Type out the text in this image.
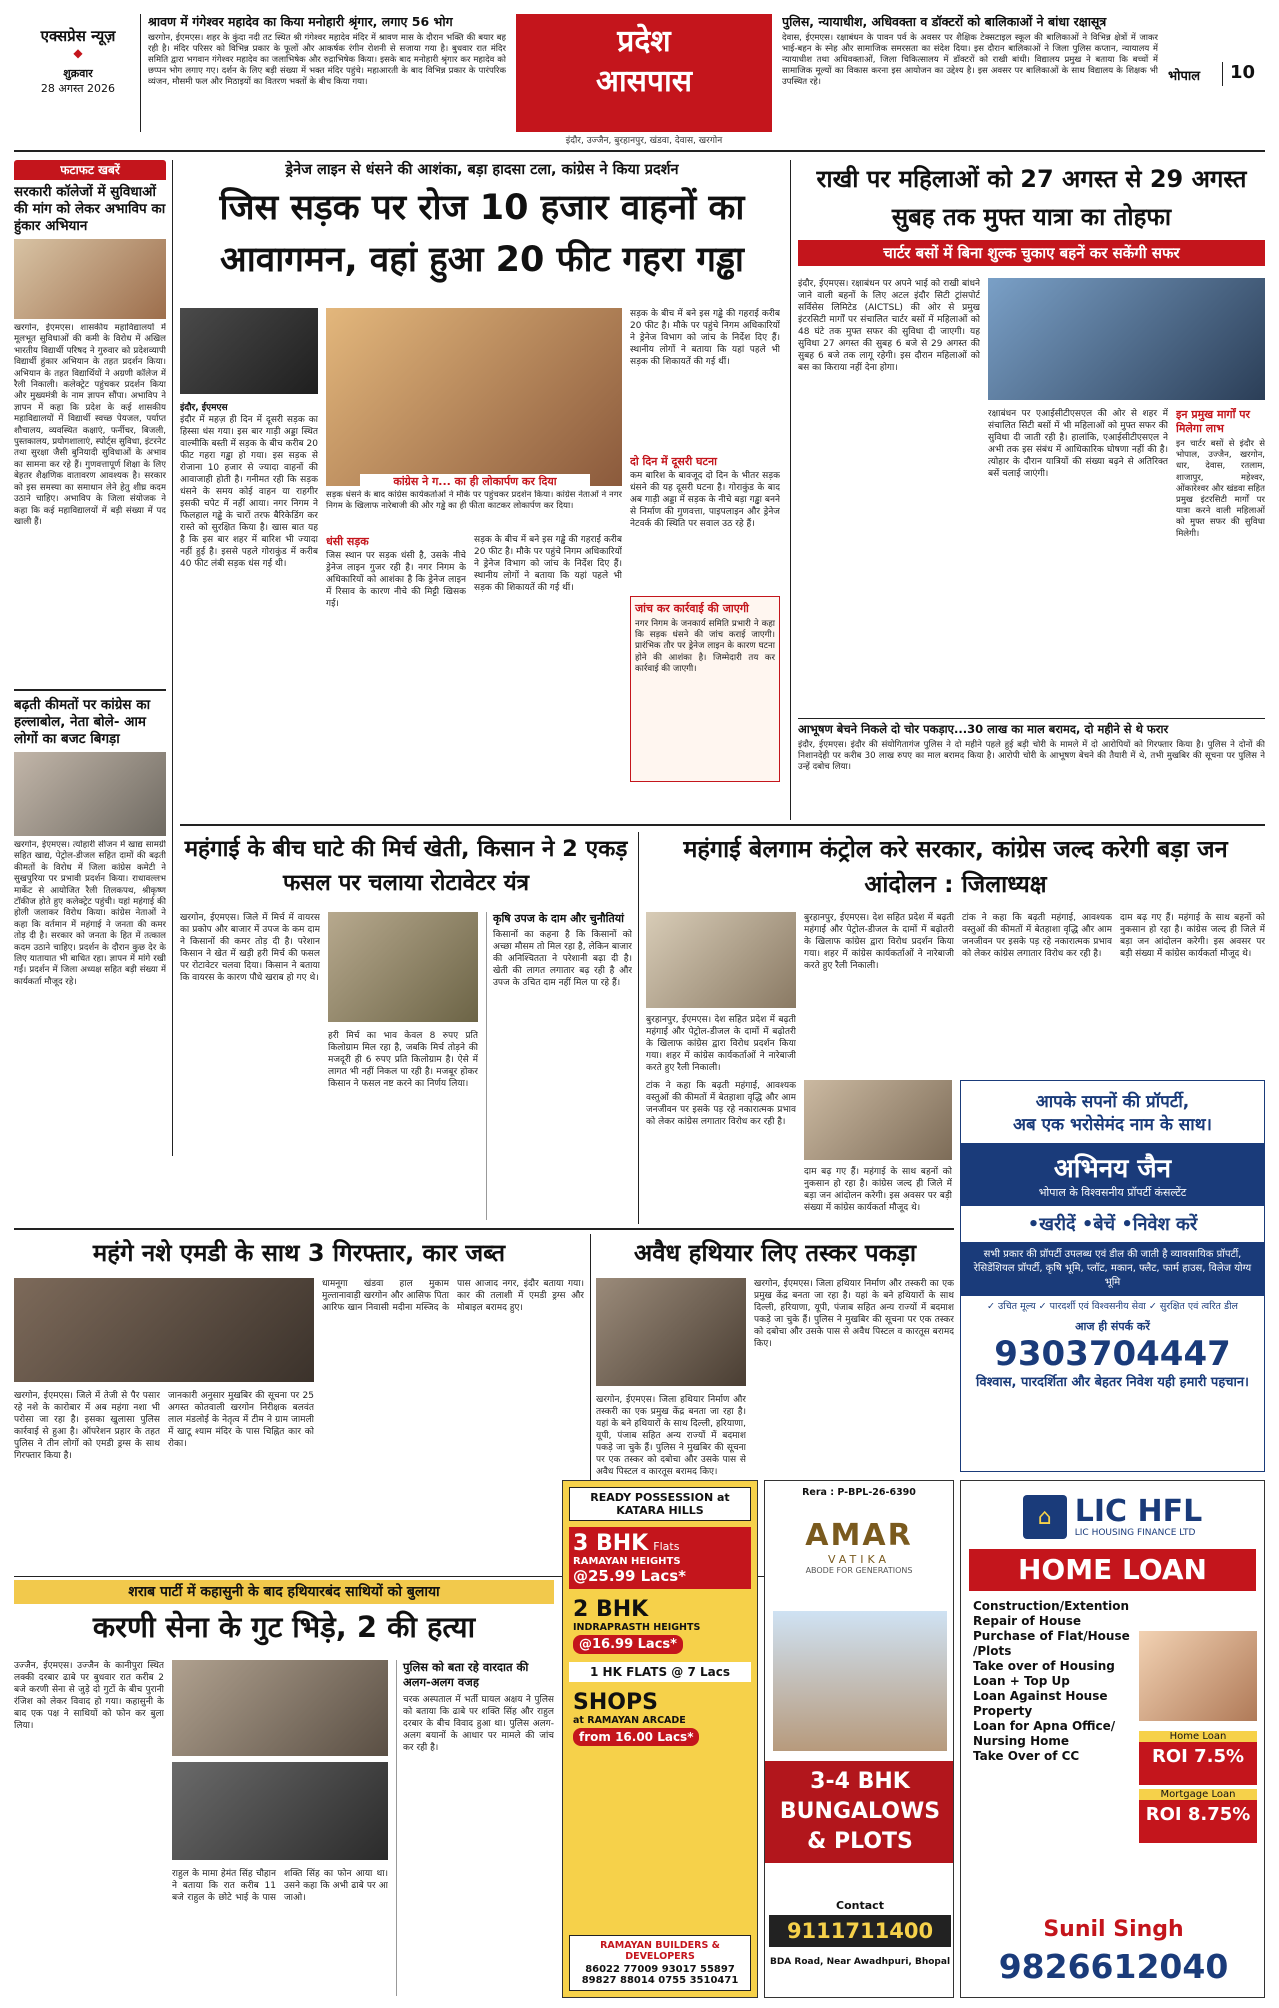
एक्सप्रेस न्यूज़
◆
शुक्रवार
28 अगस्त 2026
श्रावण में गंगेश्वर महादेव का किया मनोहारी श्रृंगार, लगाए 56 भोग
खरगोन, ईएमएस। शहर के कुंदा नदी तट स्थित श्री गंगेश्वर महादेव मंदिर में श्रावण मास के दौरान भक्ति की बयार बह रही है। मंदिर परिसर को विभिन्न प्रकार के फूलों और आकर्षक रंगीन रोशनी से सजाया गया है। बुधवार रात मंदिर समिति द्वारा भगवान गंगेश्वर महादेव का जलाभिषेक और रुद्राभिषेक किया। इसके बाद मनोहारी श्रृंगार कर महादेव को छप्पन भोग लगाए गए। दर्शन के लिए बड़ी संख्या में भक्त मंदिर पहुंचे। महाआरती के बाद विभिन्न प्रकार के पारंपरिक व्यंजन, मौसमी फल और मिठाइयों का वितरण भक्तों के बीच किया गया।
प्रदेश
आसपास
इंदौर, उज्जैन, बुरहानपुर, खंडवा, देवास, खरगोन
पुलिस, न्यायाधीश, अधिवक्ता व डॉक्टरों को बालिकाओं ने बांधा रक्षासूत्र
देवास, ईएमएस। रक्षाबंधन के पावन पर्व के अवसर पर शैक्षिक टेक्सटाइल स्कूल की बालिकाओं ने विभिन्न क्षेत्रों में जाकर भाई-बहन के स्नेह और सामाजिक समरसता का संदेश दिया। इस दौरान बालिकाओं ने जिला पुलिस कप्तान, न्यायालय में न्यायाधीश तथा अधिवक्ताओं, जिला चिकित्सालय में डॉक्टरों को राखी बांधी। विद्यालय प्रमुख ने बताया कि बच्चों में सामाजिक मूल्यों का विकास करना इस आयोजन का उद्देश्य है। इस अवसर पर बालिकाओं के साथ विद्यालय के शिक्षक भी उपस्थित रहे।	भोपाल	10
फटाफट खबरें
सरकारी कॉलेजों में सुविधाओं की मांग को लेकर अभाविप का हुंकार अभियान
खरगोन, ईएमएस। शासकीय महाविद्यालयों में मूलभूत सुविधाओं की कमी के विरोध में अखिल भारतीय विद्यार्थी परिषद ने गुरुवार को प्रदेशव्यापी विद्यार्थी हुंकार अभियान के तहत प्रदर्शन किया। अभियान के तहत विद्यार्थियों ने अग्रणी कॉलेज में रैली निकाली। कलेक्ट्रेट पहुंचकर प्रदर्शन किया और मुख्यमंत्री के नाम ज्ञापन सौंपा। अभाविप ने ज्ञापन में कहा कि प्रदेश के कई शासकीय महाविद्यालयों में विद्यार्थी स्वच्छ पेयजल, पर्याप्त शौचालय, व्यवस्थित कक्षाएं, फर्नीचर, बिजली, पुस्तकालय, प्रयोगशालाएं, स्पोर्ट्स सुविधा, इंटरनेट तथा सुरक्षा जैसी बुनियादी सुविधाओं के अभाव का सामना कर रहे हैं। गुणवत्तापूर्ण शिक्षा के लिए बेहतर शैक्षणिक वातावरण आवश्यक है। सरकार को इस समस्या का समाधान लेने हेतु शीघ्र कदम उठाने चाहिए। अभाविप के जिला संयोजक ने कहा कि कई महाविद्यालयों में बड़ी संख्या में पद खाली हैं।
बढ़ती कीमतों पर कांग्रेस का हल्लाबोल, नेता बोले- आम लोगों का बजट बिगड़ा
खरगोन, ईएमएस। त्योहारी सीजन में खाद्य सामग्री सहित खाद्य, पेट्रोल-डीजल सहित दामों की बढ़ती कीमतों के विरोध में जिला कांग्रेस कमेटी ने सुखपुरिया पर प्रभावी प्रदर्शन किया। राधावल्लभ मार्केट से आयोजित रैली तिलकपथ, श्रीकृष्ण टॉकीज होते हुए कलेक्ट्रेट पहुंची। यहां महंगाई की होली जलाकर विरोध किया। कांग्रेस नेताओं ने कहा कि वर्तमान में महंगाई ने जनता की कमर तोड़ दी है। सरकार को जनता के हित में तत्काल कदम उठाने चाहिए। प्रदर्शन के दौरान कुछ देर के लिए यातायात भी बाधित रहा। ज्ञापन में मांगे रखी गईं। प्रदर्शन में जिला अध्यक्ष सहित बड़ी संख्या में कार्यकर्ता मौजूद रहे।
ड्रेनेज लाइन से धंसने की आशंका, बड़ा हादसा टला, कांग्रेस ने किया प्रदर्शन
जिस सड़क पर रोज 10 हजार वाहनों का आवागमन, वहां हुआ 20 फीट गहरा गड्ढा
कांग्रेस ने ग... का ही लोकार्पण कर दिया
सड़क धंसने के बाद कांग्रेस कार्यकर्ताओं ने मौके पर पहुंचकर प्रदर्शन किया। कांग्रेस नेताओं ने नगर निगम के खिलाफ नारेबाजी की और गड्ढे का ही फीता काटकर लोकार्पण कर दिया।
इंदौर, ईएमएस
इंदौर में महज़ ही दिन में दूसरी सड़क का हिस्सा धंस गया। इस बार गाड़ी अड्डा स्थित वाल्मीकि बस्ती में सड़क के बीच करीब 20 फीट गहरा गड्ढा हो गया। इस सड़क से रोजाना 10 हजार से ज्यादा वाहनों की आवाजाही होती है। गनीमत रही कि सड़क धंसने के समय कोई वाहन या राहगीर इसकी चपेट में नहीं आया। नगर निगम ने फिलहाल गड्ढे के चारों तरफ बैरिकेडिंग कर रास्ते को सुरक्षित किया है। खास बात यह है कि इस बार शहर में बारिश भी ज्यादा नहीं हुई है। इससे पहले गोराकुंड में करीब 40 फीट लंबी सड़क धंस गई थी।
सड़क के बीच में बने इस गड्ढे की गहराई करीब 20 फीट है। मौके पर पहुंचे निगम अधिकारियों ने ड्रेनेज विभाग को जांच के निर्देश दिए हैं। स्थानीय लोगों ने बताया कि यहां पहले भी सड़क की शिकायतें की गई थीं।
दो दिन में दूसरी घटना
कम बारिश के बावजूद दो दिन के भीतर सड़क धंसने की यह दूसरी घटना है। गोराकुंड के बाद अब गाड़ी अड्डा में सड़क के नीचे बड़ा गड्ढा बनने से निर्माण की गुणवत्ता, पाइपलाइन और ड्रेनेज नेटवर्क की स्थिति पर सवाल उठ रहे हैं।
धंसी सड़क
जिस स्थान पर सड़क धंसी है, उसके नीचे ड्रेनेज लाइन गुजर रही है। नगर निगम के अधिकारियों को आशंका है कि ड्रेनेज लाइन में रिसाव के कारण नीचे की मिट्टी खिसक गई।
सड़क के बीच में बने इस गड्ढे की गहराई करीब 20 फीट है। मौके पर पहुंचे निगम अधिकारियों ने ड्रेनेज विभाग को जांच के निर्देश दिए हैं। स्थानीय लोगों ने बताया कि यहां पहले भी सड़क की शिकायतें की गई थीं।
जांच कर कार्रवाई की जाएगी
नगर निगम के जनकार्य समिति प्रभारी ने कहा कि सड़क धंसने की जांच कराई जाएगी। प्रारंभिक तौर पर ड्रेनेज लाइन के कारण घटना होने की आशंका है। जिम्मेदारी तय कर कार्रवाई की जाएगी।
राखी पर महिलाओं को 27 अगस्त से 29 अगस्त सुबह तक मुफ्त यात्रा का तोहफा
चार्टर बसों में बिना शुल्क चुकाए बहनें कर सकेंगी सफर
इंदौर, ईएमएस। रक्षाबंधन पर अपने भाई को राखी बांधने जाने वाली बहनों के लिए अटल इंदौर सिटी ट्रांसपोर्ट सर्विसेस लिमिटेड (AICTSL) की ओर से प्रमुख इंटरसिटी मार्गों पर संचालित चार्टर बसों में महिलाओं को 48 घंटे तक मुफ्त सफर की सुविधा दी जाएगी। यह सुविधा 27 अगस्त की सुबह 6 बजे से 29 अगस्त की सुबह 6 बजे तक लागू रहेगी। इस दौरान महिलाओं को बस का किराया नहीं देना होगा।
रक्षाबंधन पर एआईसीटीएसएल की ओर से शहर में संचालित सिटी बसों में भी महिलाओं को मुफ्त सफर की सुविधा दी जाती रही है। हालांकि, एआईसीटीएसएल ने अभी तक इस संबंध में आधिकारिक घोषणा नहीं की है। त्योहार के दौरान यात्रियों की संख्या बढ़ने से अतिरिक्त बसें चलाई जाएंगी।
इन प्रमुख मार्गों पर मिलेगा लाभ
इन चार्टर बसों से इंदौर से भोपाल, उज्जैन, खरगोन, धार, देवास, रतलाम, शाजापुर, महेश्वर, ओंकारेश्वर और खंडवा सहित प्रमुख इंटरसिटी मार्गों पर यात्रा करने वाली महिलाओं को मुफ्त सफर की सुविधा मिलेगी।
आभूषण बेचने निकले दो चोर पकड़ाए...30 लाख का माल बरामद, दो महीने से थे फरार
इंदौर, ईएमएस। इंदौर की संयोगितागंज पुलिस ने दो महीने पहले हुई बड़ी चोरी के मामले में दो आरोपियों को गिरफ्तार किया है। पुलिस ने दोनों की निशानदेही पर करीब 30 लाख रुपए का माल बरामद किया है। आरोपी चोरी के आभूषण बेचने की तैयारी में थे, तभी मुखबिर की सूचना पर पुलिस ने उन्हें दबोच लिया।
महंगाई के बीच घाटे की मिर्च खेती, किसान ने 2 एकड़ फसल पर चलाया रोटावेटर यंत्र
खरगोन, ईएमएस। जिले में मिर्च में वायरस का प्रकोप और बाजार में उपज के कम दाम ने किसानों की कमर तोड़ दी है। परेशान किसान ने खेत में खड़ी हरी मिर्च की फसल पर रोटावेटर चलवा दिया। किसान ने बताया कि वायरस के कारण पौधे खराब हो गए थे।
हरी मिर्च का भाव केवल 8 रुपए प्रति किलोग्राम मिल रहा है, जबकि मिर्च तोड़ने की मजदूरी ही 6 रुपए प्रति किलोग्राम है। ऐसे में लागत भी नहीं निकल पा रही है। मजबूर होकर किसान ने फसल नष्ट करने का निर्णय लिया।
कृषि उपज के दाम और चुनौतियां
किसानों का कहना है कि किसानों को अच्छा मौसम तो मिल रहा है, लेकिन बाजार की अनिश्चितता ने परेशानी बढ़ा दी है। खेती की लागत लगातार बढ़ रही है और उपज के उचित दाम नहीं मिल पा रहे हैं।
महंगाई बेलगाम कंट्रोल करे सरकार, कांग्रेस जल्द करेगी बड़ा जन आंदोलन : जिलाध्यक्ष
बुरहानपुर, ईएमएस। देश सहित प्रदेश में बढ़ती महंगाई और पेट्रोल-डीजल के दामों में बढ़ोतरी के खिलाफ कांग्रेस द्वारा विरोध प्रदर्शन किया गया। शहर में कांग्रेस कार्यकर्ताओं ने नारेबाजी करते हुए रैली निकाली।
बुरहानपुर, ईएमएस। देश सहित प्रदेश में बढ़ती महंगाई और पेट्रोल-डीजल के दामों में बढ़ोतरी के खिलाफ कांग्रेस द्वारा विरोध प्रदर्शन किया गया। शहर में कांग्रेस कार्यकर्ताओं ने नारेबाजी करते हुए रैली निकाली।
टांक ने कहा कि बढ़ती महंगाई, आवश्यक वस्तुओं की कीमतों में बेतहाशा वृद्धि और आम जनजीवन पर इसके पड़ रहे नकारात्मक प्रभाव को लेकर कांग्रेस लगातार विरोध कर रही है।
दाम बढ़ गए हैं। महंगाई के साथ बहनों को नुकसान हो रहा है। कांग्रेस जल्द ही जिले में बड़ा जन आंदोलन करेगी। इस अवसर पर बड़ी संख्या में कांग्रेस कार्यकर्ता मौजूद थे।
आपके सपनों की प्रॉपर्टी,
अब एक भरोसेमंद नाम के साथ।
अभिनय जैन
भोपाल के विश्वसनीय प्रॉपर्टी कंसल्टेंट
•खरीदें •बेचें •निवेश करें
सभी प्रकार की प्रॉपर्टी उपलब्ध एवं डील की जाती है व्यावसायिक प्रॉपर्टी, रेसिडेंशियल प्रॉपर्टी, कृषि भूमि, प्लॉट, मकान, फ्लैट, फार्म हाउस, विलेज योग्य भूमि
✓ उचित मूल्य ✓ पारदर्शी एवं विश्वसनीय सेवा ✓ सुरक्षित एवं त्वरित डील
आज ही संपर्क करें
9303704447
विश्वास, पारदर्शिता और बेहतर निवेश यही हमारी पहचान।
टांक ने कहा कि बढ़ती महंगाई, आवश्यक वस्तुओं की कीमतों में बेतहाशा वृद्धि और आम जनजीवन पर इसके पड़ रहे नकारात्मक प्रभाव को लेकर कांग्रेस लगातार विरोध कर रही है।
दाम बढ़ गए हैं। महंगाई के साथ बहनों को नुकसान हो रहा है। कांग्रेस जल्द ही जिले में बड़ा जन आंदोलन करेगी। इस अवसर पर बड़ी संख्या में कांग्रेस कार्यकर्ता मौजूद थे।
महंगे नशे एमडी के साथ 3 गिरफ्तार, कार जब्त
खरगोन, ईएमएस। जिले में तेजी से पैर पसार रहे नशे के कारोबार में अब महंगा नशा भी परोसा जा रहा है। इसका खुलासा पुलिस कार्रवाई से हुआ है। ऑपरेशन प्रहार के तहत पुलिस ने तीन लोगों को एमडी ड्रग्स के साथ गिरफ्तार किया है।
जानकारी अनुसार मुखबिर की सूचना पर 25 अगस्त कोतवाली खरगोन निरीक्षक बलवंत लाल मंडलोई के नेतृत्व में टीम ने ग्राम जामली में खाटू श्याम मंदिर के पास चिह्नित कार को रोका।
धामनूगा खंडवा हाल मुकाम मुल्तानावाड़ी खरगोन और आसिफ पिता आरिफ खान निवासी मदीना मस्जिद के पास आजाद नगर, इंदौर बताया गया। कार की तलाशी में एमडी ड्रग्स और मोबाइल बरामद हुए।
अवैध हथियार लिए तस्कर पकड़ा
खरगोन, ईएमएस। जिला हथियार निर्माण और तस्करी का एक प्रमुख केंद्र बनता जा रहा है। यहां के बने हथियारों के साथ दिल्ली, हरियाणा, यूपी, पंजाब सहित अन्य राज्यों में बदमाश पकड़े जा चुके हैं। पुलिस ने मुखबिर की सूचना पर एक तस्कर को दबोचा और उसके पास से अवैध पिस्टल व कारतूस बरामद किए।
खरगोन, ईएमएस। जिला हथियार निर्माण और तस्करी का एक प्रमुख केंद्र बनता जा रहा है। यहां के बने हथियारों के साथ दिल्ली, हरियाणा, यूपी, पंजाब सहित अन्य राज्यों में बदमाश पकड़े जा चुके हैं। पुलिस ने मुखबिर की सूचना पर एक तस्कर को दबोचा और उसके पास से अवैध पिस्टल व कारतूस बरामद किए।
शराब पार्टी में कहासुनी के बाद हथियारबंद साथियों को बुलाया
करणी सेना के गुट भिड़े, 2 की हत्या
उज्जैन, ईएमएस। उज्जैन के कानीपुरा स्थित लक्की दरबार ढाबे पर बुधवार रात करीब 2 बजे करणी सेना से जुड़े दो गुटों के बीच पुरानी रंजिश को लेकर विवाद हो गया। कहासुनी के बाद एक पक्ष ने साथियों को फोन कर बुला लिया।
राहुल के मामा हेमंत सिंह चौहान ने बताया कि रात करीब 11 बजे राहुल के छोटे भाई के पास शक्ति सिंह का फोन आया था। उसने कहा कि अभी ढाबे पर आ जाओ।
पुलिस को बता रहे वारदात की अलग-अलग वजह
चरक अस्पताल में भर्ती घायल अक्षय ने पुलिस को बताया कि ढाबे पर शक्ति सिंह और राहुल दरबार के बीच विवाद हुआ था। पुलिस अलग-अलग बयानों के आधार पर मामले की जांच कर रही है।
READY POSSESSION at KATARA HILLS
3 BHK Flats
RAMAYAN HEIGHTS
@25.99 Lacs*
2 BHK
INDRAPRASTH HEIGHTS
@16.99 Lacs*
1 HK FLATS @ 7 Lacs
SHOPS
at RAMAYAN ARCADE
from 16.00 Lacs*
RAMAYAN BUILDERS & DEVELOPERS
86022 77009 93017 55897 89827 88014 0755 3510471
Rera : P-BPL-26-6390
AMAR
VATIKA
ABODE FOR GENERATIONS
3-4 BHK BUNGALOWS & PLOTS
Contact
9111711400
BDA Road, Near Awadhpuri, Bhopal
⌂ LIC HFL
LIC HOUSING FINANCE LTD
HOME LOAN
Construction/Extention
Repair of House
Purchase of Flat/House /Plots
Take over of Housing
Loan + Top Up
Loan Against House Property
Loan for Apna Office/
Nursing Home
Take Over of CC
Home Loan
ROI 7.5%
Mortgage Loan
ROI 8.75%
Sunil Singh
9826612040
